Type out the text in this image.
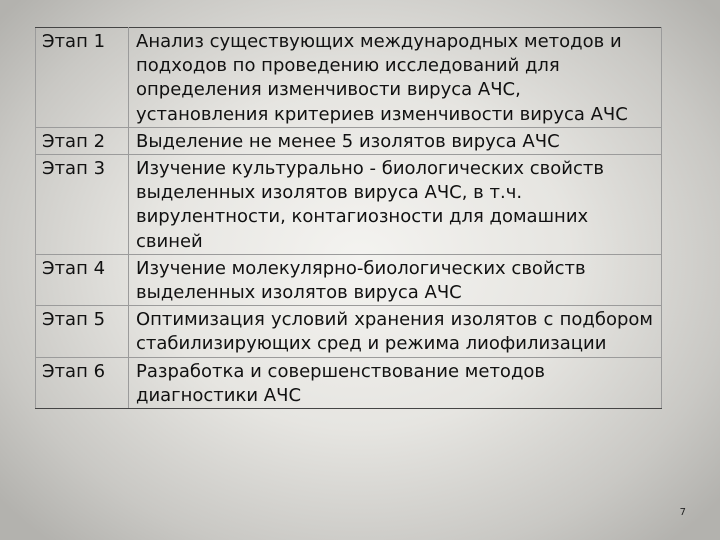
Этап 1	Анализ существующих международных методов и подходов по проведению исследований для определения изменчивости вируса АЧС, установления критериев изменчивости вируса АЧС
Этап 2	Выделение не менее 5 изолятов вируса АЧС
Этап 3	Изучение культурально - биологических свойств выделенных изолятов вируса АЧС, в т.ч. вирулентности, контагиозности для домашних свиней
Этап 4	Изучение молекулярно-биологических свойств выделенных изолятов вируса АЧС
Этап 5	Оптимизация условий хранения изолятов с подбором стабилизирующих сред и режима лиофилизации
Этап 6	Разработка и совершенствование методов диагностики АЧС
7
